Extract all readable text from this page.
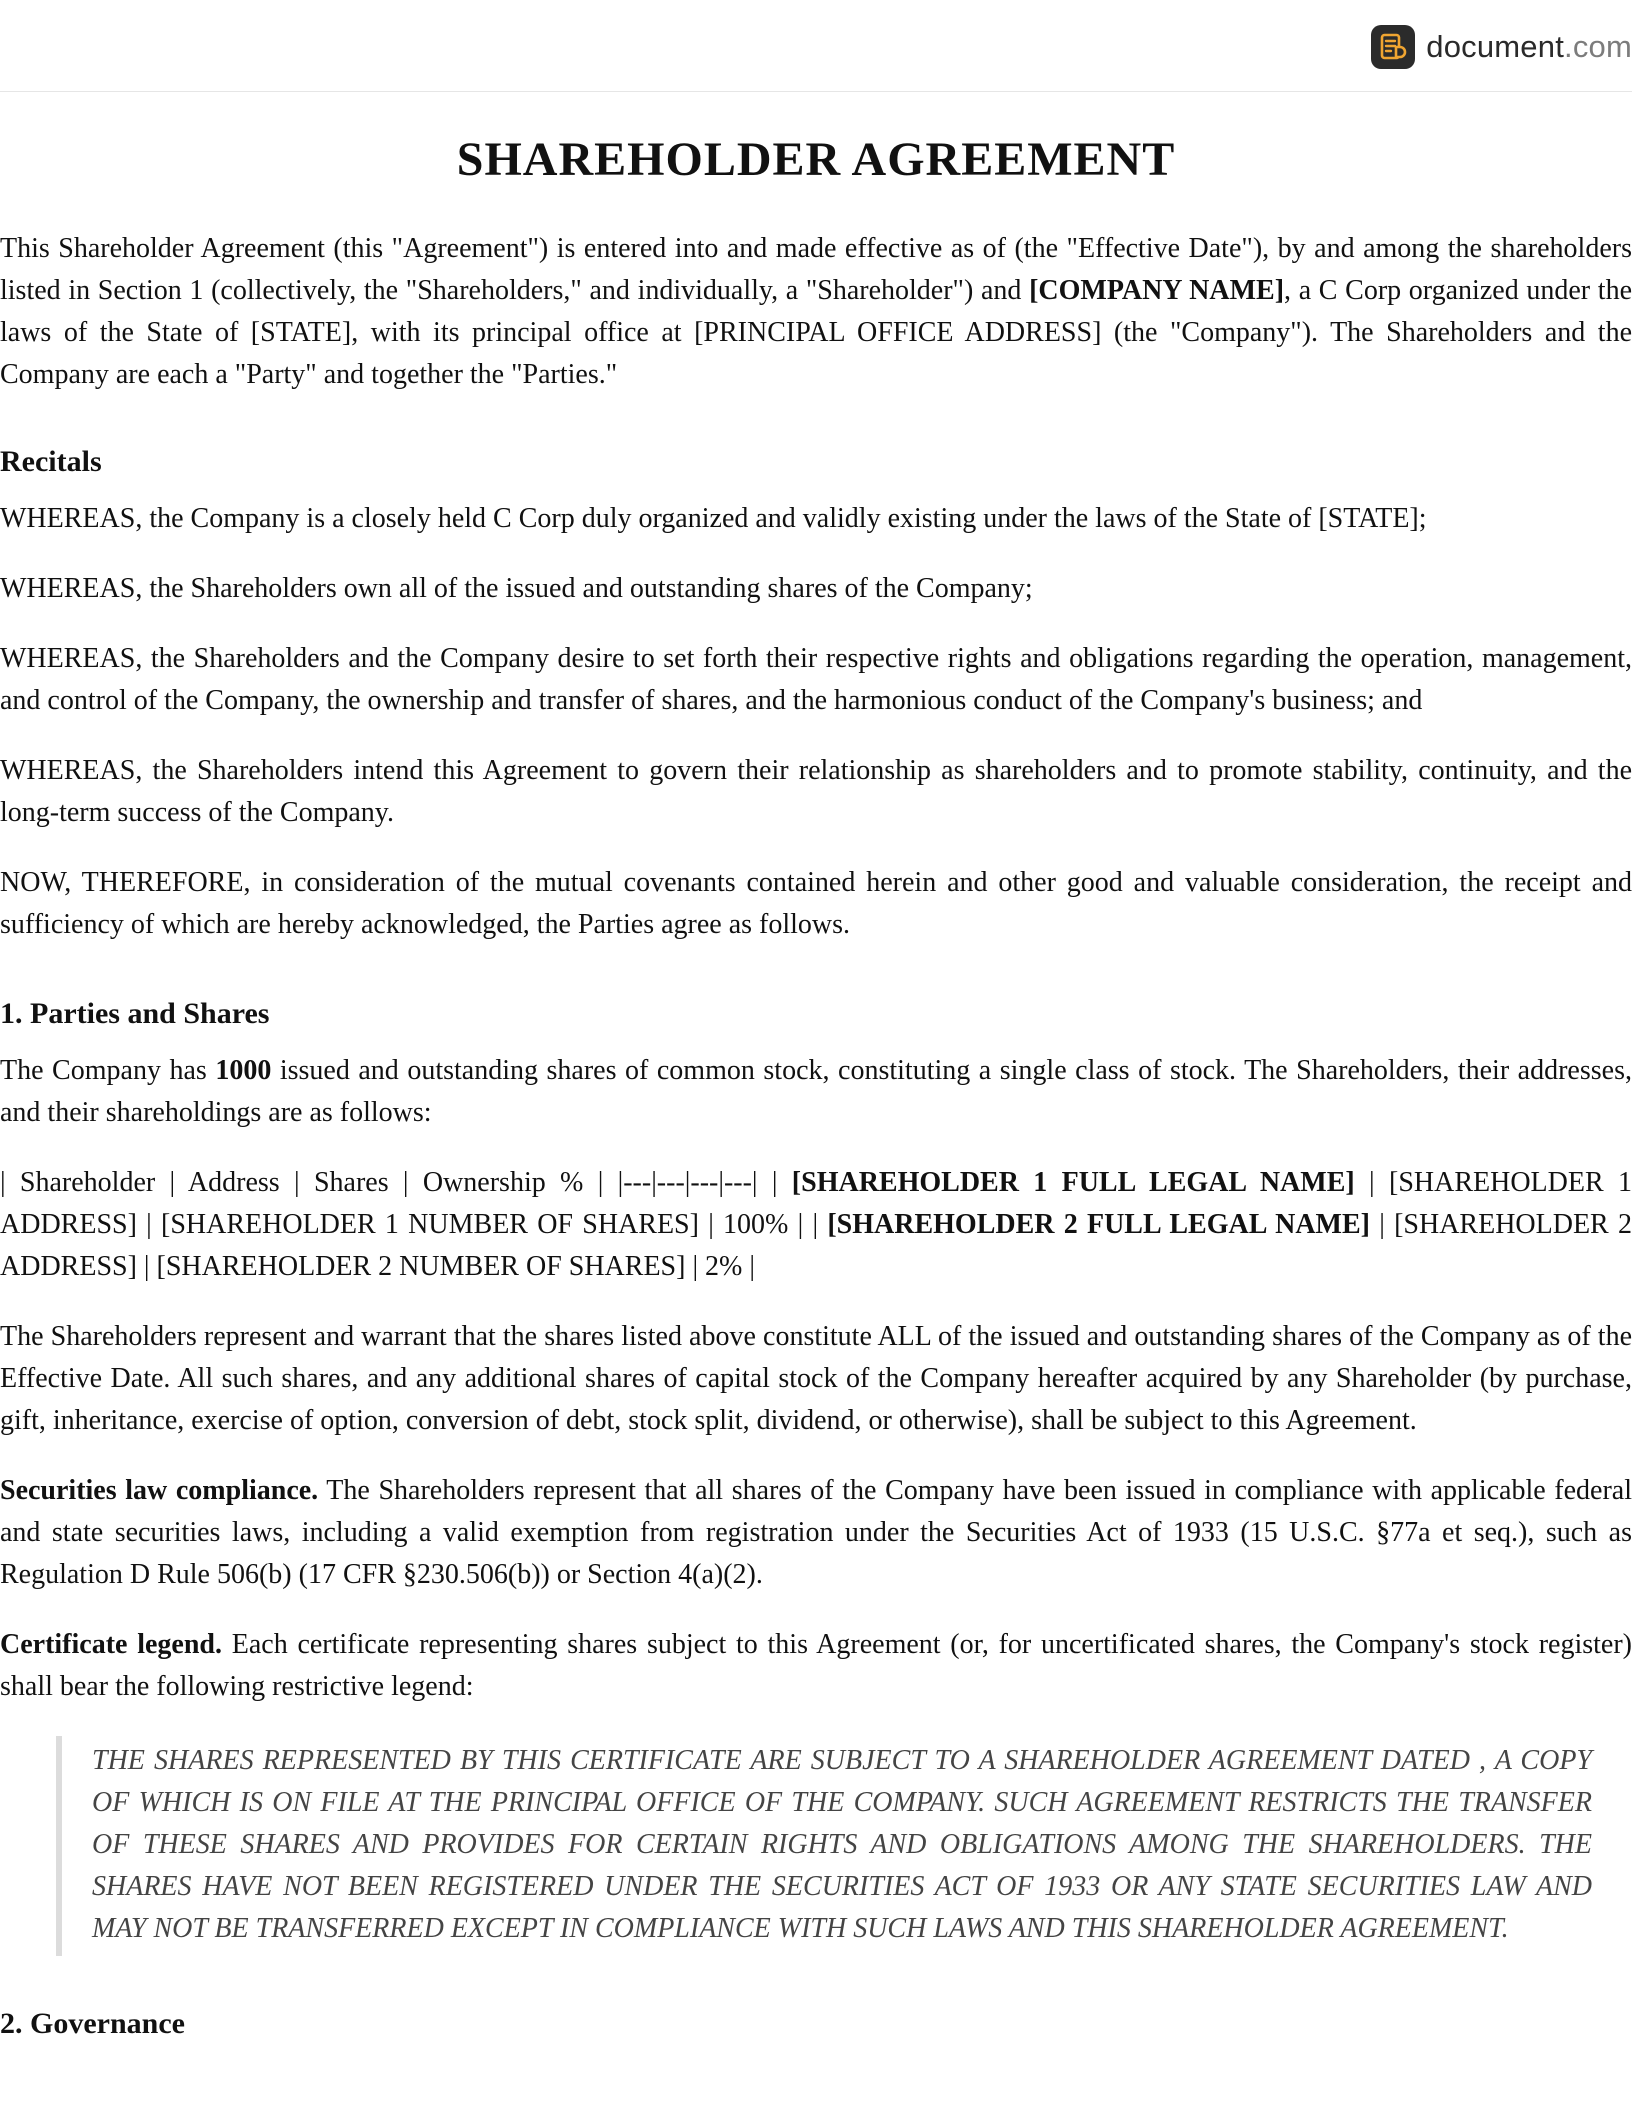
document.com
SHAREHOLDER AGREEMENT

This Shareholder Agreement (this "Agreement") is entered into and made effective as of (the "Effective Date"), by and among the shareholders listed in Section 1 (collectively, the "Shareholders," and individually, a "Shareholder") and [COMPANY NAME], a C Corp organized under the laws of the State of [STATE], with its principal office at [PRINCIPAL OFFICE ADDRESS] (the "Company"). The Shareholders and the Company are each a "Party" and together the "Parties."

Recitals

WHEREAS, the Company is a closely held C Corp duly organized and validly existing under the laws of the State of [STATE];

WHEREAS, the Shareholders own all of the issued and outstanding shares of the Company;

WHEREAS, the Shareholders and the Company desire to set forth their respective rights and obligations regarding the operation, management, and control of the Company, the ownership and transfer of shares, and the harmonious conduct of the Company's business; and

WHEREAS, the Shareholders intend this Agreement to govern their relationship as shareholders and to promote stability, continuity, and the long-term success of the Company.

NOW, THEREFORE, in consideration of the mutual covenants contained herein and other good and valuable consideration, the receipt and sufficiency of which are hereby acknowledged, the Parties agree as follows.

1. Parties and Shares

The Company has 1000 issued and outstanding shares of common stock, constituting a single class of stock. The Shareholders, their addresses, and their shareholdings are as follows:

| Shareholder | Address | Shares | Ownership % | |---|---|---|---| | [SHAREHOLDER 1 FULL LEGAL NAME] | [SHAREHOLDER 1 ADDRESS] | [SHAREHOLDER 1 NUMBER OF SHARES] | 100% | | [SHAREHOLDER 2 FULL LEGAL NAME] | [SHAREHOLDER 2 ADDRESS] | [SHAREHOLDER 2 NUMBER OF SHARES] | 2% |

The Shareholders represent and warrant that the shares listed above constitute ALL of the issued and outstanding shares of the Company as of the Effective Date. All such shares, and any additional shares of capital stock of the Company hereafter acquired by any Shareholder (by purchase, gift, inheritance, exercise of option, conversion of debt, stock split, dividend, or otherwise), shall be subject to this Agreement.

Securities law compliance. The Shareholders represent that all shares of the Company have been issued in compliance with applicable federal and state securities laws, including a valid exemption from registration under the Securities Act of 1933 (15 U.S.C. §77a et seq.), such as Regulation D Rule 506(b) (17 CFR §230.506(b)) or Section 4(a)(2).

Certificate legend. Each certificate representing shares subject to this Agreement (or, for uncertificated shares, the Company's stock register) shall bear the following restrictive legend:

THE SHARES REPRESENTED BY THIS CERTIFICATE ARE SUBJECT TO A SHAREHOLDER AGREEMENT DATED , A COPY OF WHICH IS ON FILE AT THE PRINCIPAL OFFICE OF THE COMPANY. SUCH AGREEMENT RESTRICTS THE TRANSFER OF THESE SHARES AND PROVIDES FOR CERTAIN RIGHTS AND OBLIGATIONS AMONG THE SHAREHOLDERS. THE SHARES HAVE NOT BEEN REGISTERED UNDER THE SECURITIES ACT OF 1933 OR ANY STATE SECURITIES LAW AND MAY NOT BE TRANSFERRED EXCEPT IN COMPLIANCE WITH SUCH LAWS AND THIS SHAREHOLDER AGREEMENT.
2. Governance
